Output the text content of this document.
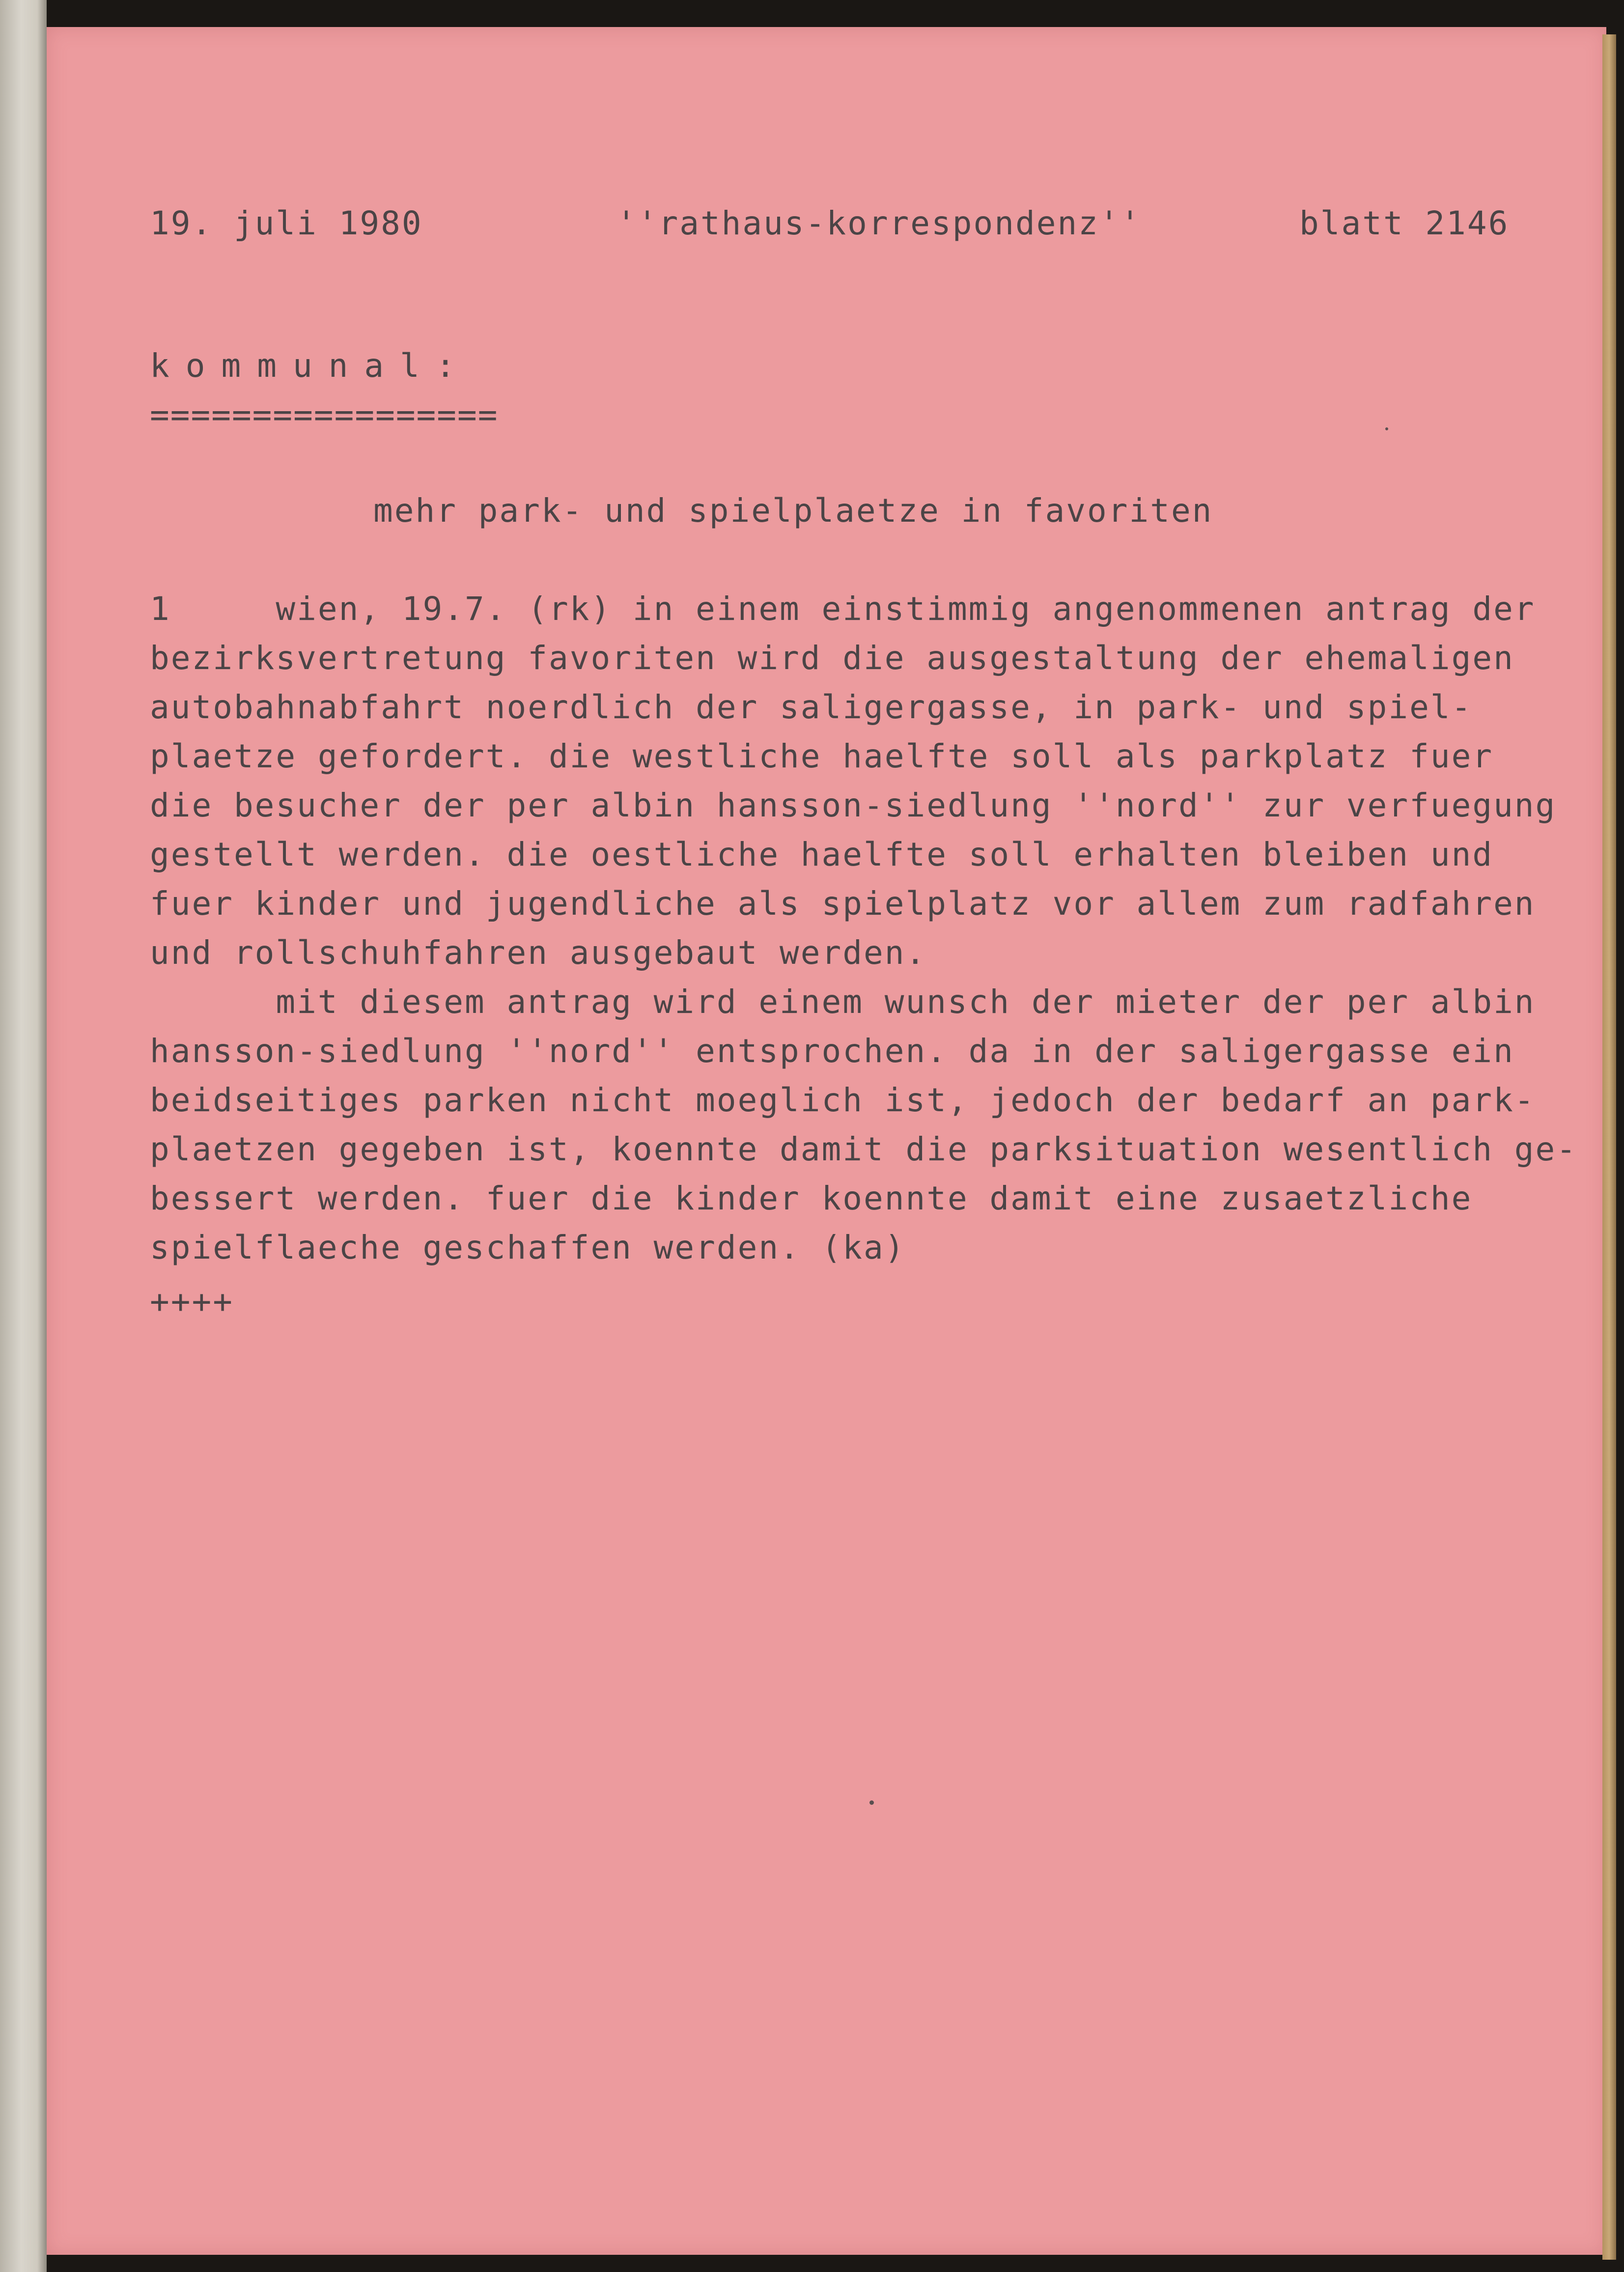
19. juli 1980	''rathaus-korrespondenz''	blatt 2146

kommunal:

=================

mehr park- und spielplaetze in favoriten

1     wien, 19.7. (rk) in einem einstimmig angenommenen antrag der
bezirksvertretung favoriten wird die ausgestaltung der ehemaligen
autobahnabfahrt noerdlich der saligergasse, in park- und spiel-
plaetze gefordert. die westliche haelfte soll als parkplatz fuer
die besucher der per albin hansson-siedlung ''nord'' zur verfuegung
gestellt werden. die oestliche haelfte soll erhalten bleiben und
fuer kinder und jugendliche als spielplatz vor allem zum radfahren
und rollschuhfahren ausgebaut werden.
mit diesem antrag wird einem wunsch der mieter der per albin
hansson-siedlung ''nord'' entsprochen. da in der saligergasse ein
beidseitiges parken nicht moeglich ist, jedoch der bedarf an park-
plaetzen gegeben ist, koennte damit die parksituation wesentlich ge-
bessert werden. fuer die kinder koennte damit eine zusaetzliche
spielflaeche geschaffen werden. (ka)

++++
